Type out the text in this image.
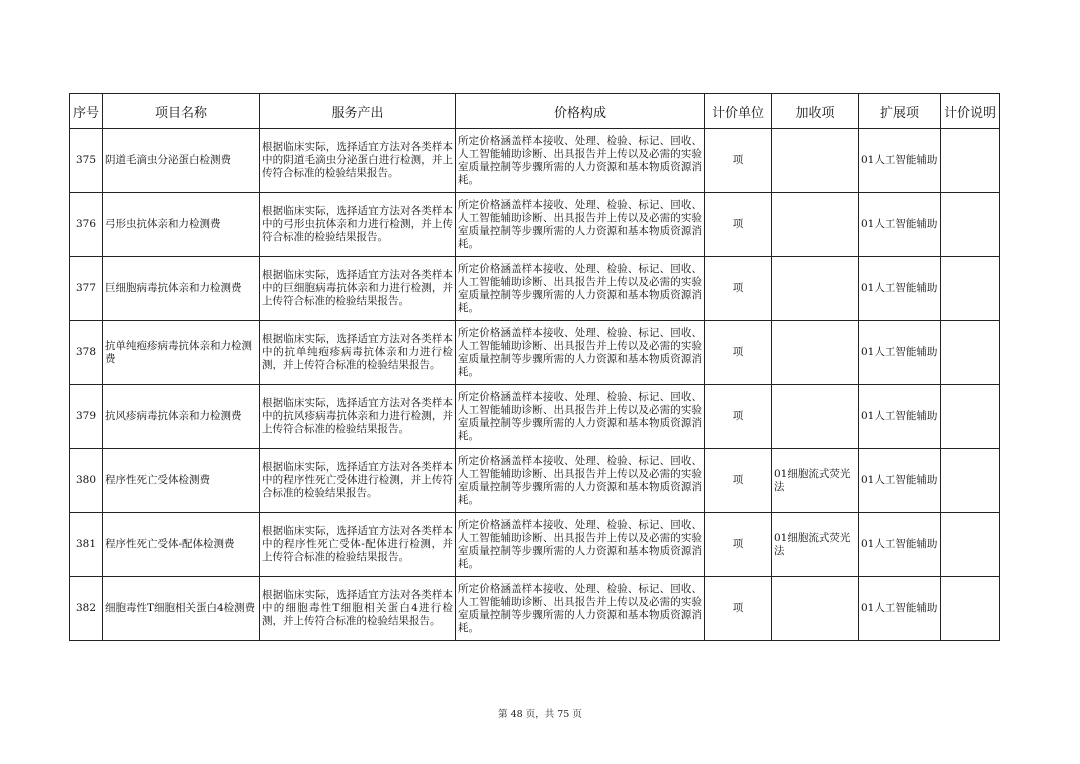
序号	项目名称	服务产出	价格构成	计价单位	加收项	扩展项	计价说明
375	阴道毛滴虫分泌蛋白检测费	根据临床实际，选择适宜方法对各类样本中的阴道毛滴虫分泌蛋白进行检测，并上传符合标准的检验结果报告。	所定价格涵盖样本接收、处理、检验、标记、回收、人工智能辅助诊断、出具报告并上传以及必需的实验室质量控制等步骤所需的人力资源和基本物质资源消耗。	项		01人工智能辅助	
376	弓形虫抗体亲和力检测费	根据临床实际，选择适宜方法对各类样本中的弓形虫抗体亲和力进行检测，并上传符合标准的检验结果报告。	所定价格涵盖样本接收、处理、检验、标记、回收、人工智能辅助诊断、出具报告并上传以及必需的实验室质量控制等步骤所需的人力资源和基本物质资源消耗。	项		01人工智能辅助	
377	巨细胞病毒抗体亲和力检测费	根据临床实际，选择适宜方法对各类样本中的巨细胞病毒抗体亲和力进行检测，并上传符合标准的检验结果报告。	所定价格涵盖样本接收、处理、检验、标记、回收、人工智能辅助诊断、出具报告并上传以及必需的实验室质量控制等步骤所需的人力资源和基本物质资源消耗。	项		01人工智能辅助	
378	抗单纯疱疹病毒抗体亲和力检测费	根据临床实际，选择适宜方法对各类样本中的抗单纯疱疹病毒抗体亲和力进行检测，并上传符合标准的检验结果报告。	所定价格涵盖样本接收、处理、检验、标记、回收、人工智能辅助诊断、出具报告并上传以及必需的实验室质量控制等步骤所需的人力资源和基本物质资源消耗。	项		01人工智能辅助	
379	抗风疹病毒抗体亲和力检测费	根据临床实际，选择适宜方法对各类样本中的抗风疹病毒抗体亲和力进行检测，并上传符合标准的检验结果报告。	所定价格涵盖样本接收、处理、检验、标记、回收、人工智能辅助诊断、出具报告并上传以及必需的实验室质量控制等步骤所需的人力资源和基本物质资源消耗。	项		01人工智能辅助	
380	程序性死亡受体检测费	根据临床实际，选择适宜方法对各类样本中的程序性死亡受体进行检测，并上传符合标准的检验结果报告。	所定价格涵盖样本接收、处理、检验、标记、回收、人工智能辅助诊断、出具报告并上传以及必需的实验室质量控制等步骤所需的人力资源和基本物质资源消耗。	项	01细胞流式荧光法	01人工智能辅助	
381	程序性死亡受体-配体检测费	根据临床实际，选择适宜方法对各类样本中的程序性死亡受体-配体进行检测，并上传符合标准的检验结果报告。	所定价格涵盖样本接收、处理、检验、标记、回收、人工智能辅助诊断、出具报告并上传以及必需的实验室质量控制等步骤所需的人力资源和基本物质资源消耗。	项	01细胞流式荧光法	01人工智能辅助	
382	细胞毒性T细胞相关蛋白4检测费	根据临床实际，选择适宜方法对各类样本中的细胞毒性T细胞相关蛋白4进行检测，并上传符合标准的检验结果报告。	所定价格涵盖样本接收、处理、检验、标记、回收、人工智能辅助诊断、出具报告并上传以及必需的实验室质量控制等步骤所需的人力资源和基本物质资源消耗。	项		01人工智能辅助	
第 48 页，共 75 页
